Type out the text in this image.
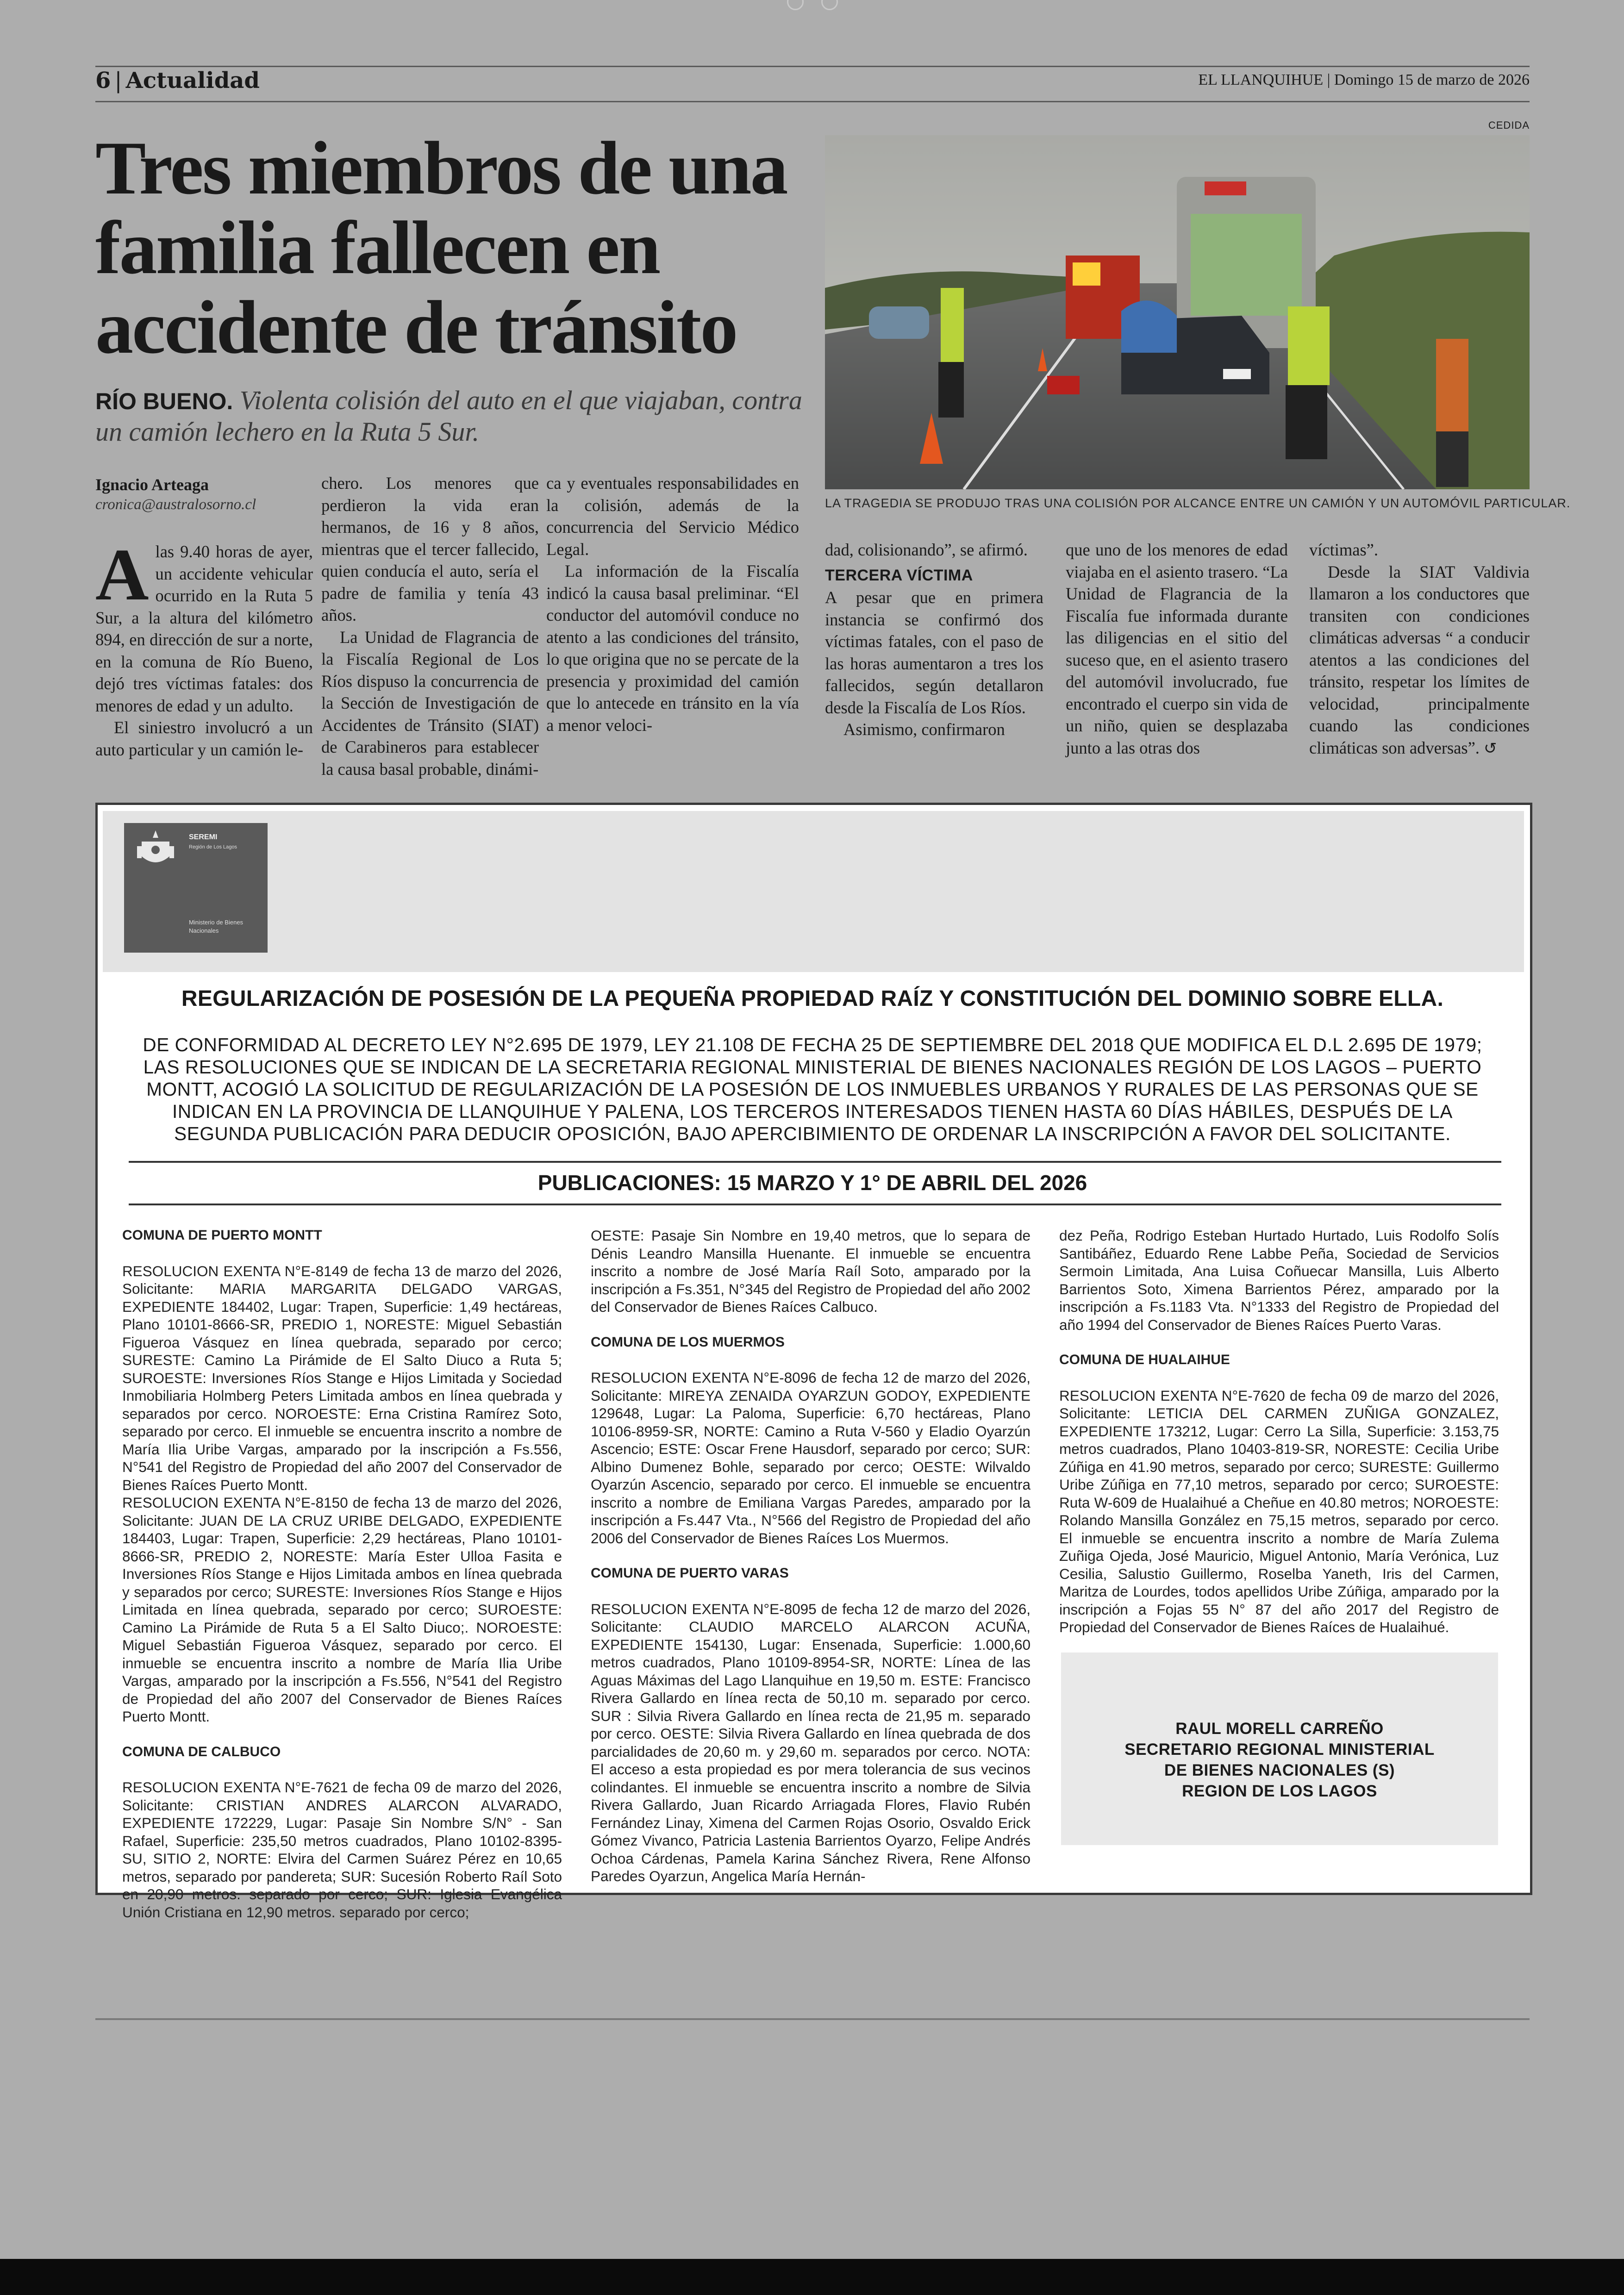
6 | Actualidad	EL LLANQUIHUE | Domingo 15 de marzo de 2026
Tres miembros de una familia fallecen en accidente de tránsito
RÍO BUENO. Violenta colisión del auto en el que viajaban, contra un camión lechero en la Ruta 5 Sur.
CEDIDA
LA TRAGEDIA SE PRODUJO TRAS UNA COLISIÓN POR ALCANCE ENTRE UN CAMIÓN Y UN AUTOMÓVIL PARTICULAR.
Ignacio Arteaga
cronica@australosorno.cl

Alas 9.40 horas de ayer, un accidente vehicular ocurrido en la Ruta 5 Sur, a la altura del kilómetro 894, en dirección de sur a norte, en la comuna de Río Bueno, dejó tres víctimas fatales: dos menores de edad y un adulto.

El siniestro involucró a un auto particular y un camión le-

chero. Los menores que perdieron la vida eran hermanos, de 16 y 8 años, mientras que el tercer fallecido, quien conducía el auto, sería el padre de familia y tenía 43 años.

La Unidad de Flagrancia de la Fiscalía Regional de Los Ríos dispuso la concurrencia de la Sección de Investigación de Accidentes de Tránsito (SIAT) de Carabineros para establecer la causa basal probable, dinámi-

ca y eventuales responsabilidades en la colisión, además de la concurrencia del Servicio Médico Legal.

La información de la Fiscalía indicó la causa basal preliminar. “El conductor del automóvil conduce no atento a las condiciones del tránsito, lo que origina que no se percate de la presencia y proximidad del camión que lo antecede en tránsito en la vía a menor veloci-

dad, colisionando”, se afirmó.

TERCERA VÍCTIMA

A pesar que en primera instancia se confirmó dos víctimas fatales, con el paso de las horas aumentaron a tres los fallecidos, según detallaron desde la Fiscalía de Los Ríos.

Asimismo, confirmaron

que uno de los menores de edad viajaba en el asiento trasero. “La Unidad de Flagrancia de la Fiscalía fue informada durante las diligencias en el sitio del suceso que, en el asiento trasero del automóvil involucrado, fue encontrado el cuerpo sin vida de un niño, quien se desplazaba junto a las otras dos

víctimas”.

Desde la SIAT Valdivia llamaron a los conductores que transiten con condiciones climáticas adversas “ a conducir atentos a las condiciones del tránsito, respetar los límites de velocidad, principalmente cuando las condiciones climáticas son adversas”. ↺

SEREMI
Región de Los Lagos
Ministerio de Bienes Nacionales
REGULARIZACIÓN DE POSESIÓN DE LA PEQUEÑA PROPIEDAD RAÍZ Y CONSTITUCIÓN DEL DOMINIO SOBRE ELLA.
DE CONFORMIDAD AL DECRETO LEY N°2.695 DE 1979, LEY 21.108 DE FECHA 25 DE SEPTIEMBRE DEL 2018 QUE MODIFICA EL D.L 2.695 DE 1979; LAS RESOLUCIONES QUE SE INDICAN DE LA SECRETARIA REGIONAL MINISTERIAL DE BIENES NACIONALES REGIÓN DE LOS LAGOS – PUERTO MONTT, ACOGIÓ LA SOLICITUD DE REGULARIZACIÓN DE LA POSESIÓN DE LOS INMUEBLES URBANOS Y RURALES DE LAS PERSONAS QUE SE INDICAN EN LA PROVINCIA DE LLANQUIHUE Y PALENA, LOS TERCEROS INTERESADOS TIENEN HASTA 60 DÍAS HÁBILES, DESPUÉS DE LA SEGUNDA PUBLICACIÓN PARA DEDUCIR OPOSICIÓN, BAJO APERCIBIMIENTO DE ORDENAR LA INSCRIPCIÓN A FAVOR DEL SOLICITANTE.
PUBLICACIONES: 15 MARZO Y 1° DE ABRIL DEL 2026
COMUNA DE PUERTO MONTT

RESOLUCION EXENTA N°E-8149 de fecha 13 de marzo del 2026, Solicitante: MARIA MARGARITA DELGADO VARGAS, EXPEDIENTE 184402, Lugar: Trapen, Superficie: 1,49 hectáreas, Plano 10101-8666-SR, PREDIO 1, NORESTE: Miguel Sebastián Figueroa Vásquez en línea quebrada, separado por cerco; SURESTE: Camino La Pirámide de El Salto Diuco a Ruta 5; SUROESTE: Inversiones Ríos Stange e Hijos Limitada y Sociedad Inmobiliaria Holmberg Peters Limitada ambos en línea quebrada y separados por cerco. NOROESTE: Erna Cristina Ramírez Soto, separado por cerco. El inmueble se encuentra inscrito a nombre de María Ilia Uribe Vargas, amparado por la inscripción a Fs.556, N°541 del Registro de Propiedad del año 2007 del Conservador de Bienes Raíces Puerto Montt.

RESOLUCION EXENTA N°E-8150 de fecha 13 de marzo del 2026, Solicitante: JUAN DE LA CRUZ URIBE DELGADO, EXPEDIENTE 184403, Lugar: Trapen, Superficie: 2,29 hectáreas, Plano 10101-8666-SR, PREDIO 2, NORESTE: María Ester Ulloa Fasita e Inversiones Ríos Stange e Hijos Limitada ambos en línea quebrada y separados por cerco; SURESTE: Inversiones Ríos Stange e Hijos Limitada en línea quebrada, separado por cerco; SUROESTE: Camino La Pirámide de Ruta 5 a El Salto Diuco;. NOROESTE: Miguel Sebastián Figueroa Vásquez, separado por cerco. El inmueble se encuentra inscrito a nombre de María Ilia Uribe Vargas, amparado por la inscripción a Fs.556, N°541 del Registro de Propiedad del año 2007 del Conservador de Bienes Raíces Puerto Montt.

COMUNA DE CALBUCO

RESOLUCION EXENTA N°E-7621 de fecha 09 de marzo del 2026, Solicitante: CRISTIAN ANDRES ALARCON ALVARADO, EXPEDIENTE 172229, Lugar: Pasaje Sin Nombre S/N° - San Rafael, Superficie: 235,50 metros cuadrados, Plano 10102-8395-SU, SITIO 2, NORTE: Elvira del Carmen Suárez Pérez en 10,65 metros, separado por pandereta; SUR: Sucesión Roberto Raíl Soto en 20,90 metros. separado por cerco; SUR: Iglesia Evangélica Unión Cristiana en 12,90 metros. separado por cerco;

OESTE: Pasaje Sin Nombre en 19,40 metros, que lo separa de Dénis Leandro Mansilla Huenante. El inmueble se encuentra inscrito a nombre de José María Raíl Soto, amparado por la inscripción a Fs.351, N°345 del Registro de Propiedad del año 2002 del Conservador de Bienes Raíces Calbuco.

COMUNA DE LOS MUERMOS

RESOLUCION EXENTA N°E-8096 de fecha 12 de marzo del 2026, Solicitante: MIREYA ZENAIDA OYARZUN GODOY, EXPEDIENTE 129648, Lugar: La Paloma, Superficie: 6,70 hectáreas, Plano 10106-8959-SR, NORTE: Camino a Ruta V-560 y Eladio Oyarzún Ascencio; ESTE: Oscar Frene Hausdorf, separado por cerco; SUR: Albino Dumenez Bohle, separado por cerco; OESTE: Wilvaldo Oyarzún Ascencio, separado por cerco. El inmueble se encuentra inscrito a nombre de Emiliana Vargas Paredes, amparado por la inscripción a Fs.447 Vta., N°566 del Registro de Propiedad del año 2006 del Conservador de Bienes Raíces Los Muermos.

COMUNA DE PUERTO VARAS

RESOLUCION EXENTA N°E-8095 de fecha 12 de marzo del 2026, Solicitante: CLAUDIO MARCELO ALARCON ACUÑA, EXPEDIENTE 154130, Lugar: Ensenada, Superficie: 1.000,60 metros cuadrados, Plano 10109-8954-SR, NORTE: Línea de las Aguas Máximas del Lago Llanquihue en 19,50 m. ESTE: Francisco Rivera Gallardo en línea recta de 50,10 m. separado por cerco. SUR : Silvia Rivera Gallardo en línea recta de 21,95 m. separado por cerco. OESTE: Silvia Rivera Gallardo en línea quebrada de dos parcialidades de 20,60 m. y 29,60 m. separados por cerco. NOTA: El acceso a esta propiedad es por mera tolerancia de sus vecinos colindantes. El inmueble se encuentra inscrito a nombre de Silvia Rivera Gallardo, Juan Ricardo Arriagada Flores, Flavio Rubén Fernández Linay, Ximena del Carmen Rojas Osorio, Osvaldo Erick Gómez Vivanco, Patricia Lastenia Barrientos Oyarzo, Felipe Andrés Ochoa Cárdenas, Pamela Karina Sánchez Rivera, Rene Alfonso Paredes Oyarzun, Angelica María Hernán-

dez Peña, Rodrigo Esteban Hurtado Hurtado, Luis Rodolfo Solís Santibáñez, Eduardo Rene Labbe Peña, Sociedad de Servicios Sermoin Limitada, Ana Luisa Coñuecar Mansilla, Luis Alberto Barrientos Soto, Ximena Barrientos Pérez, amparado por la inscripción a Fs.1183 Vta. N°1333 del Registro de Propiedad del año 1994 del Conservador de Bienes Raíces Puerto Varas.

COMUNA DE HUALAIHUE

RESOLUCION EXENTA N°E-7620 de fecha 09 de marzo del 2026, Solicitante: LETICIA DEL CARMEN ZUÑIGA GONZALEZ, EXPEDIENTE 173212, Lugar: Cerro La Silla, Superficie: 3.153,75 metros cuadrados, Plano 10403-819-SR, NORESTE: Cecilia Uribe Zúñiga en 41.90 metros, separado por cerco; SURESTE: Guillermo Uribe Zúñiga en 77,10 metros, separado por cerco; SUROESTE: Ruta W-609 de Hualaihué a Cheñue en 40.80 metros; NOROESTE: Rolando Mansilla González en 75,15 metros, separado por cerco. El inmueble se encuentra inscrito a nombre de María Zulema Zuñiga Ojeda, José Mauricio, Miguel Antonio, María Verónica, Luz Cesilia, Salustio Guillermo, Roselba Yaneth, Iris del Carmen, Maritza de Lourdes, todos apellidos Uribe Zúñiga, amparado por la inscripción a Fojas 55 N° 87 del año 2017 del Registro de Propiedad del Conservador de Bienes Raíces de Hualaihué.

RAUL MORELL CARREÑO
SECRETARIO REGIONAL MINISTERIAL
DE BIENES NACIONALES (S)
REGION DE LOS LAGOS
